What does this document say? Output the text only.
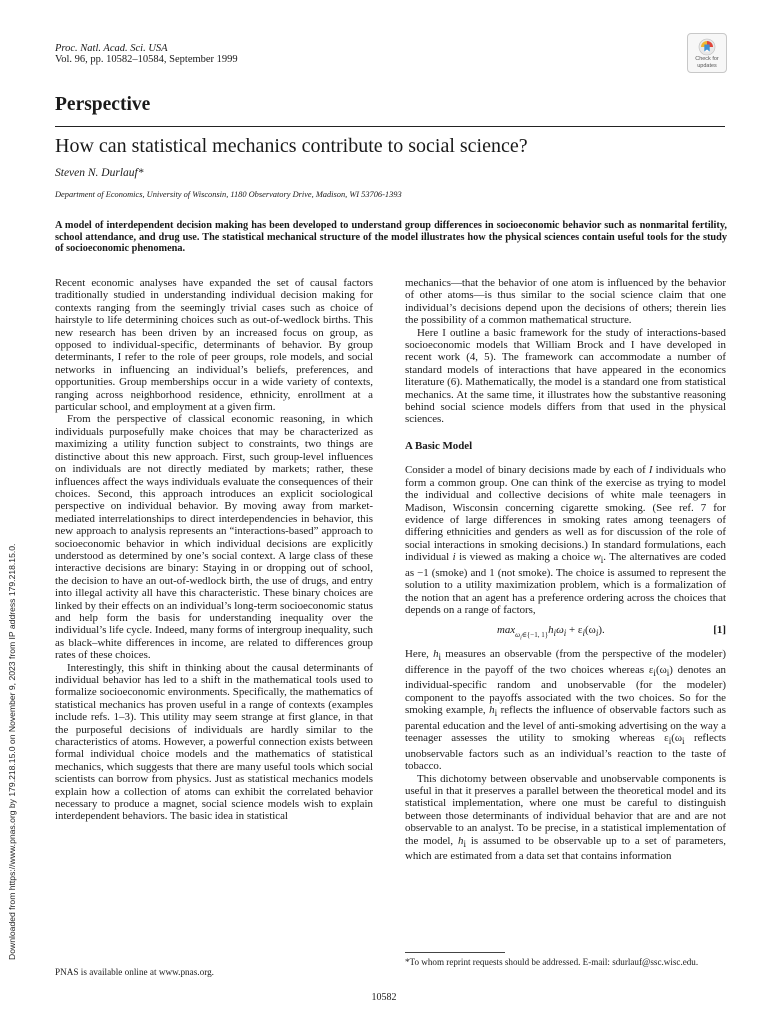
Proc. Natl. Acad. Sci. USA
Vol. 96, pp. 10582–10584, September 1999	Check for
updates
Perspective
How can statistical mechanics contribute to social science?
Steven N. Durlauf*
Department of Economics, University of Wisconsin, 1180 Observatory Drive, Madison, WI 53706-1393
A model of interdependent decision making has been developed to understand group differences in socioeconomic behavior such as nonmarital fertility, school attendance, and drug use. The statistical mechanical structure of the model illustrates how the physical sciences contain useful tools for the study of socioeconomic phenomena.

Recent economic analyses have expanded the set of causal factors traditionally studied in understanding individual decision making for contexts ranging from the seemingly trivial cases such as choice of hairstyle to life determining choices such as out-of-wedlock births. This new research has been driven by an increased focus on group, as opposed to individual-specific, determinants of behavior. By group determinants, I refer to the role of peer groups, role models, and social networks in influencing an individual’s beliefs, preferences, and opportunities. Group memberships occur in a wide variety of contexts, ranging across neighborhood residence, ethnicity, enrollment at a particular school, and employment at a given firm.

From the perspective of classical economic reasoning, in which individuals purposefully make choices that may be characterized as maximizing a utility function subject to constraints, two things are distinctive about this new approach. First, such group-level influences on individuals are not directly mediated by markets; rather, these influences affect the ways individuals evaluate the consequences of their choices. Second, this approach introduces an explicit sociological perspective on individual behavior. By moving away from market-mediated interrelationships to direct interdependencies in behavior, this new approach to analysis represents an “interactions-based” approach to socioeconomic behavior in which individual decisions are explicitly understood as determined by one’s social context. A large class of these interactive decisions are binary: Staying in or dropping out of school, the decision to have an out-of-wedlock birth, the use of drugs, and entry into illegal activity all have this characteristic. These binary choices are linked by their effects on an individual’s long-term socioeconomic status and help form the basis for understanding inequality over the individual’s life cycle. Indeed, many forms of intergroup inequality, such as black–white differences in income, are related to differences group rates of these choices.

Interestingly, this shift in thinking about the causal determinants of individual behavior has led to a shift in the mathematical tools used to formalize socioeconomic environments. Specifically, the mathematics of statistical mechanics has proven useful in a range of contexts (examples include refs. 1–3). This utility may seem strange at first glance, in that the purposeful decisions of individuals are hardly similar to the characteristics of atoms. However, a powerful connection exists between formal individual choice models and the mathematics of statistical mechanics, which suggests that there are many useful tools which social scientists can borrow from physics. Just as statistical mechanics models explain how a collection of atoms can exhibit the correlated behavior necessary to produce a magnet, social science models wish to explain interdependent behaviors. The basic idea in statistical

mechanics—that the behavior of one atom is influenced by the behavior of other atoms—is thus similar to the social science claim that one individual’s decisions depend upon the decisions of others; therein lies the possibility of a common mathematical structure.

Here I outline a basic framework for the study of interactions-based socioeconomic models that William Brock and I have developed in recent work (4, 5). The framework can accommodate a number of standard models of interactions that have appeared in the economics literature (6). Mathematically, the model is a standard one from statistical mechanics. At the same time, it illustrates how the substantive reasoning behind social science models differs from that used in the physical sciences.

A Basic Model

Consider a model of binary decisions made by each of I individuals who form a common group. One can think of the exercise as trying to model the individual and collective decisions of white male teenagers in Madison, Wisconsin concerning cigarette smoking. (See ref. 7 for evidence of large differences in smoking rates among teenagers of differing ethnicities and genders as well as for discussion of the role of social interactions in smoking decisions.) In standard formulations, each individual i is viewed as making a choice $w_i$. The alternatives are coded as −1 (smoke) and 1 (not smoke). The choice is assumed to represent the solution to a utility maximization problem, which is a formalization of the notion that an agent has a preference ordering across the choices that depends on a range of factors,

$\max_{\omega_i\in\{-1, 1\}}h_i\omega_i + \varepsilon_i(\omega_i)$.	[1]

Here, $h_i$ measures an observable (from the perspective of the modeler) difference in the payoff of the two choices whereas $\varepsilon_i(\omega_i)$ denotes an individual-specific random and unobservable (for the modeler) component to the payoffs associated with the two choices. So for the smoking example, $h_i$ reflects the influence of observable factors such as parental education and the level of anti-smoking advertising on the way a teenager assesses the utility to smoking whereas $\varepsilon_i(\omega_i$ reflects unobservable factors such as an individual’s reaction to the taste of tobacco.

This dichotomy between observable and unobservable components is useful in that it preserves a parallel between the theoretical model and its statistical implementation, where one must be careful to distinguish between those determinants of individual behavior that are and are not observable to an analyst. To be precise, in a statistical implementation of the model, $h_i$ is assumed to be observable up to a set of parameters, which are estimated from a data set that contains information

Downloaded from https://www.pnas.org by 179.218.15.0 on November 9, 2023 from IP address 179.218.15.0.
*To whom reprint requests should be addressed. E-mail: sdurlauf@ssc.wisc.edu.
PNAS is available online at www.pnas.org.
10582
